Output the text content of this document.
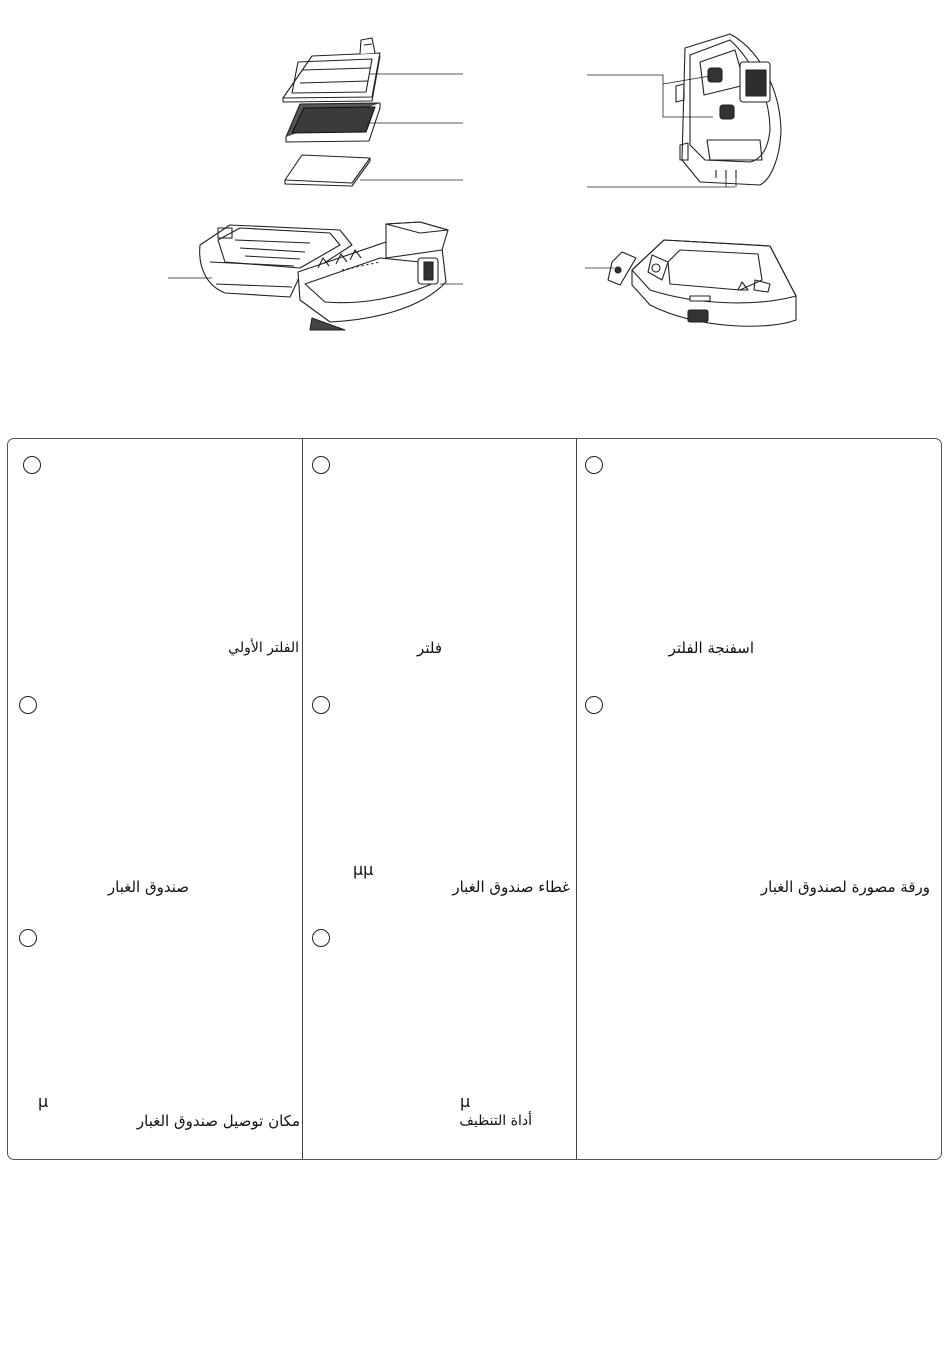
الفلتر الأولي	فلتر	اسفنجة الفلتر
صندوق الغبار
µµ
غطاء صندوق الغبار	ورقة مصورة لصندوق الغبار
µ
مكان توصيل صندوق الغبار
µ
أداة التنظيف
